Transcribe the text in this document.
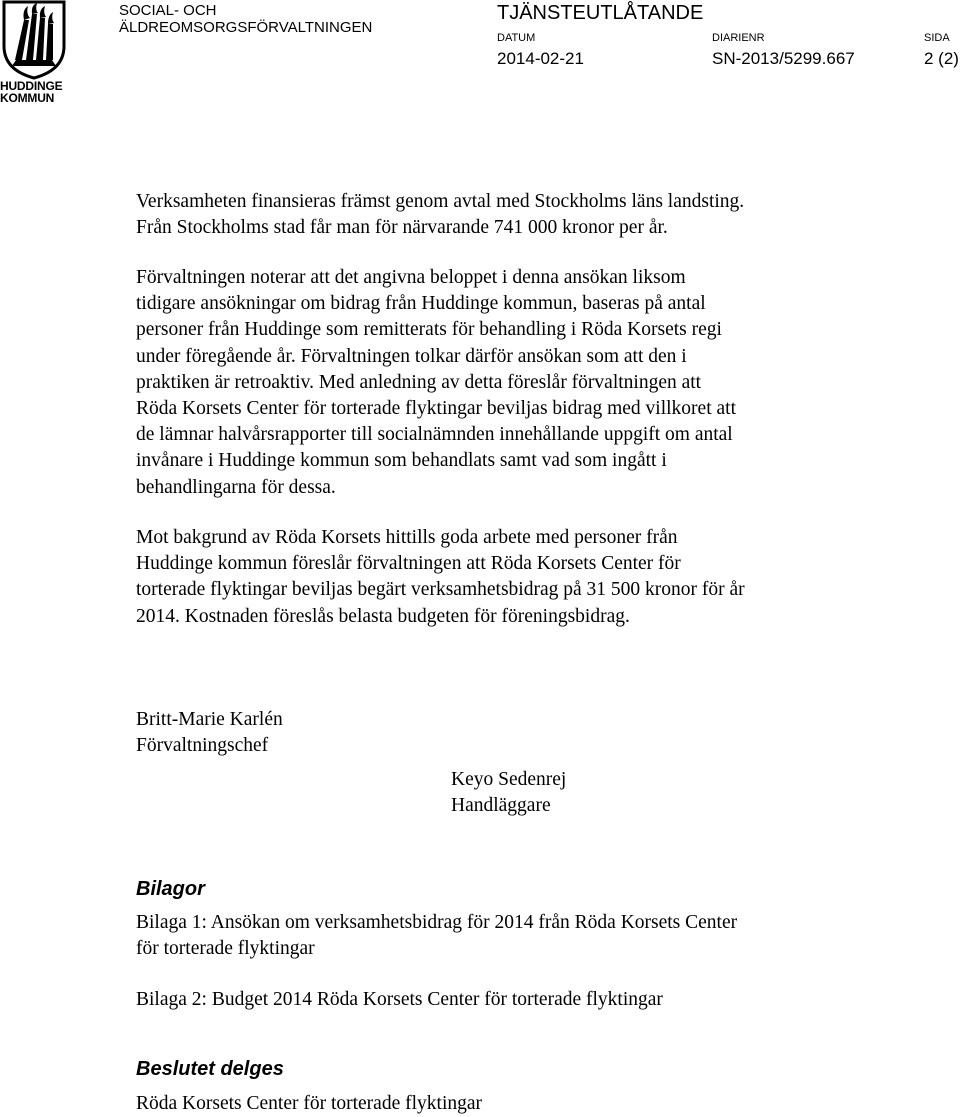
HUDDINGE
KOMMUN
SOCIAL- OCH
ÄLDREOMSORGSFÖRVALTNINGEN
TJÄNSTEUTLÅTANDE
DATUM	DIARIENR	SIDA
2014-02-21	SN-2013/5299.667	2 (2)
Verksamheten finansieras främst genom avtal med Stockholms läns landsting.
Från Stockholms stad får man för närvarande 741 000 kronor per år.
Förvaltningen noterar att det angivna beloppet i denna ansökan liksom
tidigare ansökningar om bidrag från Huddinge kommun, baseras på antal
personer från Huddinge som remitterats för behandling i Röda Korsets regi
under föregående år. Förvaltningen tolkar därför ansökan som att den i
praktiken är retroaktiv. Med anledning av detta föreslår förvaltningen att
Röda Korsets Center för torterade flyktingar beviljas bidrag med villkoret att
de lämnar halvårsrapporter till socialnämnden innehållande uppgift om antal
invånare i Huddinge kommun som behandlats samt vad som ingått i
behandlingarna för dessa.
Mot bakgrund av Röda Korsets hittills goda arbete med personer från
Huddinge kommun föreslår förvaltningen att Röda Korsets Center för
torterade flyktingar beviljas begärt verksamhetsbidrag på 31 500 kronor för år
2014. Kostnaden föreslås belasta budgeten för föreningsbidrag.
Britt-Marie Karlén
Förvaltningschef
Keyo Sedenrej
Handläggare
Bilagor
Bilaga 1: Ansökan om verksamhetsbidrag för 2014 från Röda Korsets Center
för torterade flyktingar
Bilaga 2: Budget 2014 Röda Korsets Center för torterade flyktingar
Beslutet delges
Röda Korsets Center för torterade flyktingar
